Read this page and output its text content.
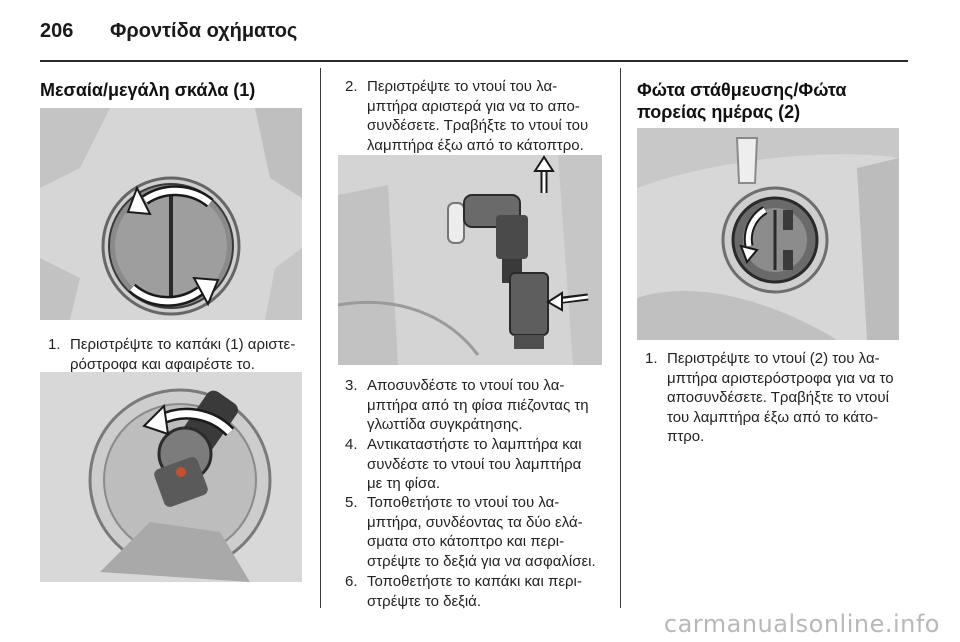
206	Φροντίδα οχήματος
Μεσαία/μεγάλη σκάλα (1)
1. Περιστρέψτε το καπάκι (1) αριστε-
ρόστροφα και αφαιρέστε το.
2. Περιστρέψτε το ντουί του λα-
μπτήρα αριστερά για να το απο-
συνδέσετε. Τραβήξτε το ντουί του
λαμπτήρα έξω από το κάτοπτρο.
3. Αποσυνδέστε το ντουί του λα-
μπτήρα από τη φίσα πιέζοντας τη
γλωττίδα συγκράτησης.
4. Αντικαταστήστε το λαμπτήρα και
συνδέστε το ντουί του λαμπτήρα
με τη φίσα.
5. Τοποθετήστε το ντουί του λα-
μπτήρα, συνδέοντας τα δύο ελά-
σματα στο κάτοπτρο και περι-
στρέψτε το δεξιά για να ασφαλίσει.
6. Τοποθετήστε το καπάκι και περι-
στρέψτε το δεξιά.
Φώτα στάθμευσης/Φώτα
πορείας ημέρας (2)
1. Περιστρέψτε το ντουί (2) του λα-
μπτήρα αριστερόστροφα για να το
αποσυνδέσετε. Τραβήξτε το ντουί
του λαμπτήρα έξω από το κάτο-
πτρο.
carmanualsonline.info
